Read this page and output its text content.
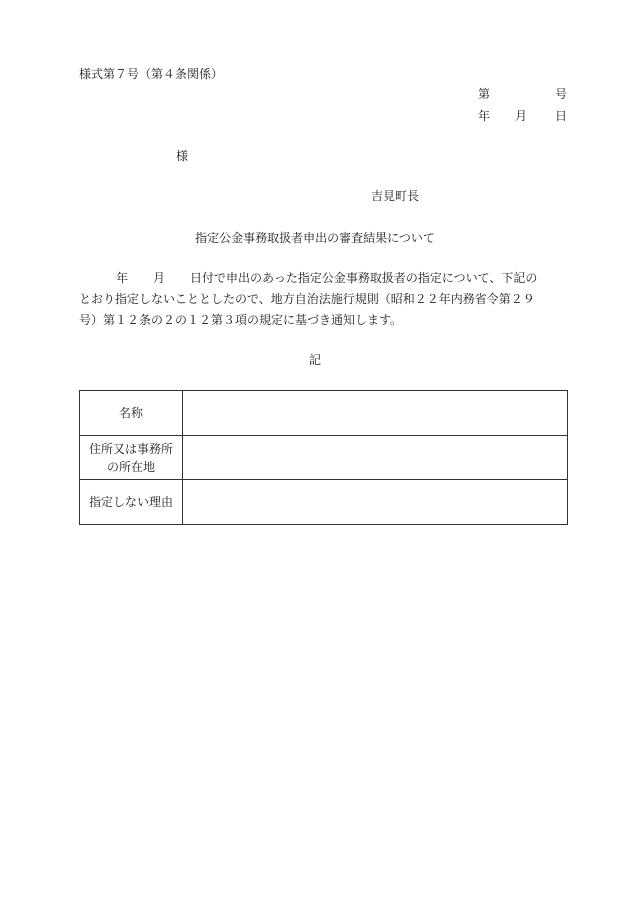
様式第７号（第４条関係）
第	号
年 月 日
様
吉見町長
指定公金事務取扱者申出の審査結果について
年 月 日付で申出のあった指定公金事務取扱者の指定について、下記の
とおり指定しないこととしたので、地方自治法施行規則（昭和２２年内務省令第２９
号）第１２条の２の１２第３項の規定に基づき通知します。
記
名称	

住所又は事務所
の所在地	

指定しない理由	
